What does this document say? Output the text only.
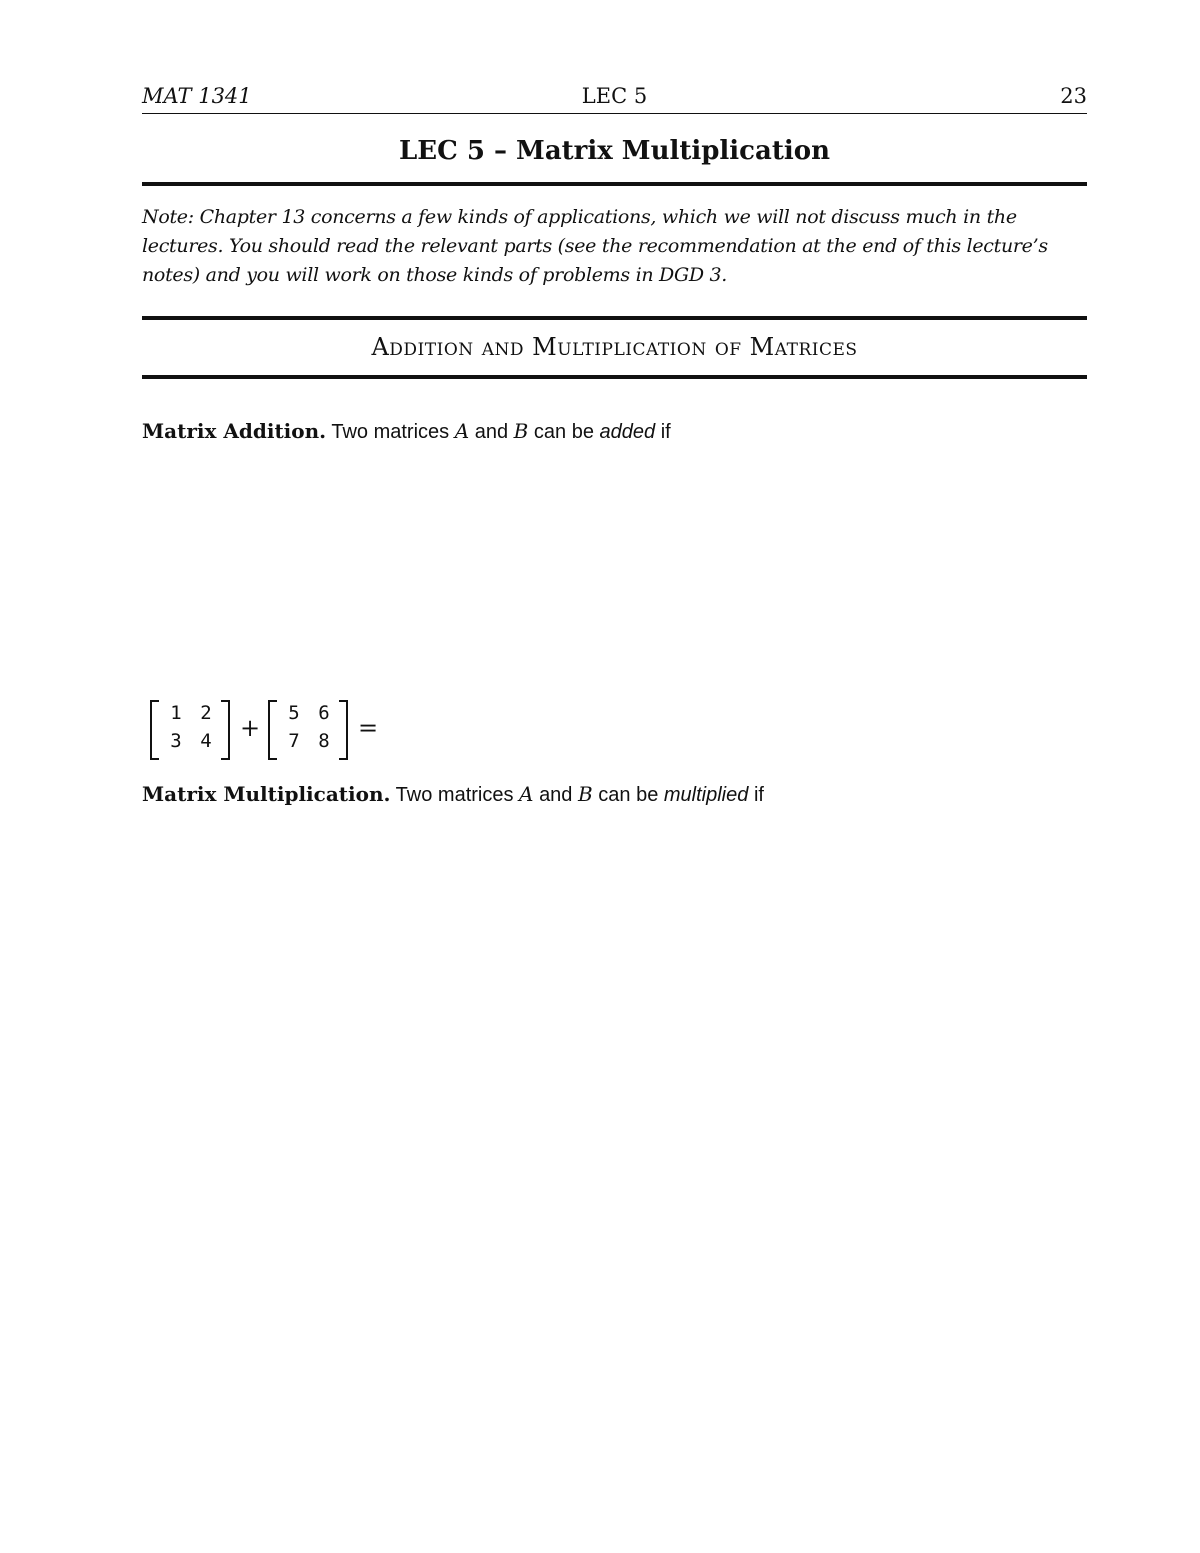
MAT 1341	LEC 5	23
LEC 5 – Matrix Multiplication
Note: Chapter 13 concerns a few kinds of applications, which we will not discuss much in the lectures. You should read the relevant parts (see the recommendation at the end of this lecture’s notes) and you will work on those kinds of problems in DGD 3.
Addition and Multiplication of Matrices
Matrix Addition. Two matrices A and B can be added if
1 2
3 4 +
5 6
7 8 =
Matrix Multiplication. Two matrices A and B can be multiplied if
